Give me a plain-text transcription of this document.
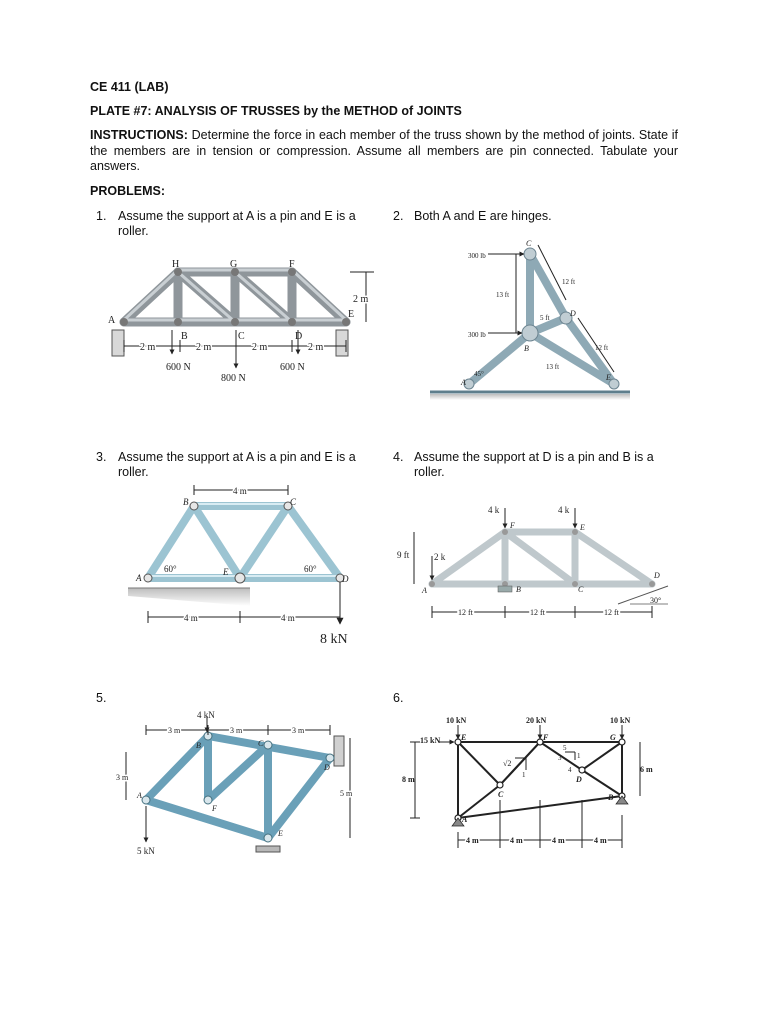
CE 411 (LAB)
PLATE #7: ANALYSIS OF TRUSSES by the METHOD of JOINTS
INSTRUCTIONS: Determine the force in each member of the truss shown by the method of joints. State if the members are in tension or compression. Assume all members are pin connected. Tabulate your answers.
PROBLEMS:
1. Assume the support at A is a pin and E is a
roller.
2. Both A and E are hinges.
3. Assume the support at A is a pin and E is a
roller.
4. Assume the support at D is a pin and B is a
roller.
5.	6.
H	G	F
A
B	C	D
E
2 m	2 m	2 m	2 m
2 m
600 N
800 N
600 N
300 lb
300 lb
13 ft
13 ft
12 ft
5 ft
12 ft
45°
A
B
C
D
E
4 m
4 m	4 m
60°	60°
8 kN
A
B	C
D
E
4 k	4 k
2 k
9 ft
12 ft	12 ft	12 ft
30°
A	B	C
D
E
F
4 kN
5 kN
3 m	3 m	3 m
3 m
5 m
A
B	C
D
E
F
10 kN	20 kN	10 kN
15 kN
8 m
6 m
4 m	4 m	4 m	4 m
√2
1
1
3
5
4
A
B
C
D
E	F	G
